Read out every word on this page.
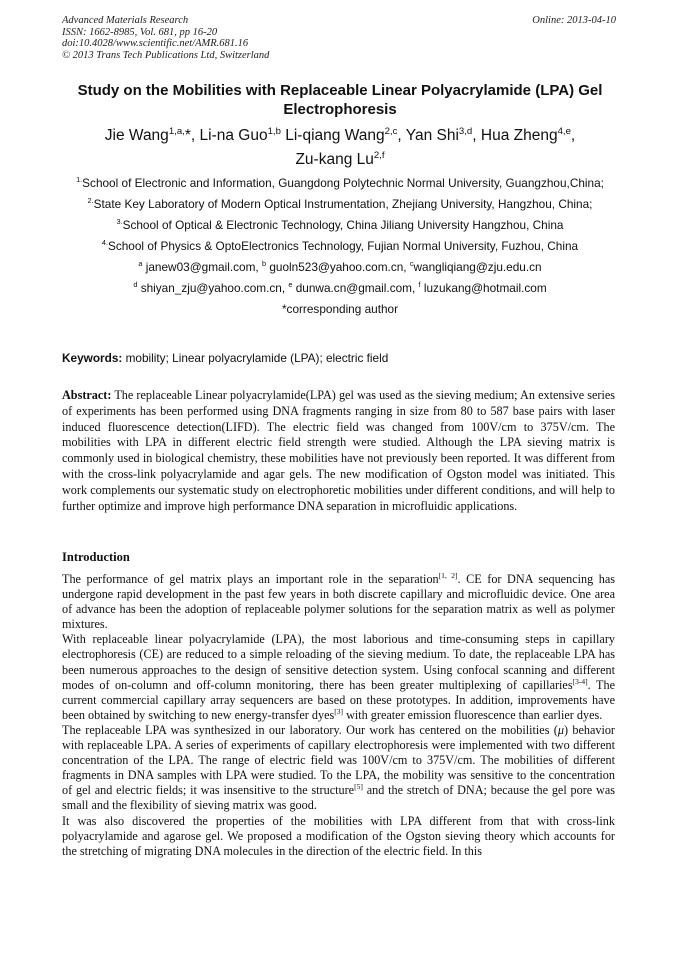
Advanced Materials Research
ISSN: 1662-8985, Vol. 681, pp 16-20
doi:10.4028/www.scientific.net/AMR.681.16
© 2013 Trans Tech Publications Ltd, Switzerland
Online: 2013-04-10
Study on the Mobilities with Replaceable Linear Polyacrylamide (LPA) Gel Electrophoresis
Jie Wang$^{1,a,}$*, Li-na Guo$^{1,b}$ Li-qiang Wang$^{2,c}$, Yan Shi$^{3,d}$, Hua Zheng$^{4,e}$,
Zu-kang Lu$^{2,f}$
$^{1.}$School of Electronic and Information, Guangdong Polytechnic Normal University, Guangzhou,China;
$^{2.}$State Key Laboratory of Modern Optical Instrumentation, Zhejiang University, Hangzhou, China;
$^{3.}$School of Optical & Electronic Technology, China Jiliang University Hangzhou, China
$^{4.}$School of Physics & OptoElectronics Technology, Fujian Normal University, Fuzhou, China
$^a$ janew03@gmail.com, $^b$ guoln523@yahoo.com.cn, $^c$wangliqiang@zju.edu.cn
$^d$ shiyan_zju@yahoo.com.cn, $^e$ dunwa.cn@gmail.com, $^f$ luzukang@hotmail.com
*corresponding author
Keywords: mobility; Linear polyacrylamide (LPA); electric field
Abstract: The replaceable Linear polyacrylamide(LPA) gel was used as the sieving medium; An extensive series of experiments has been performed using DNA fragments ranging in size from 80 to 587 base pairs with laser induced fluorescence detection(LIFD). The electric field was changed from 100V/cm to 375V/cm. The mobilities with LPA in different electric field strength were studied. Although the LPA sieving matrix is commonly used in biological chemistry, these mobilities have not previously been reported. It was different from with the cross-link polyacrylamide and agar gels. The new modification of Ogston model was initiated. This work complements our systematic study on electrophoretic mobilities under different conditions, and will help to further optimize and improve high performance DNA separation in microfluidic applications.
Introduction

The performance of gel matrix plays an important role in the separation[1, 2]. CE for DNA sequencing has undergone rapid development in the past few years in both discrete capillary and microfluidic device. One area of advance has been the adoption of replaceable polymer solutions for the separation matrix as well as polymer mixtures.

With replaceable linear polyacrylamide (LPA), the most laborious and time-consuming steps in capillary electrophoresis (CE) are reduced to a simple reloading of the sieving medium. To date, the replaceable LPA has been numerous approaches to the design of sensitive detection system. Using confocal scanning and different modes of on-column and off-column monitoring, there has been greater multiplexing of capillaries[3-4]. The current commercial capillary array sequencers are based on these prototypes. In addition, improvements have been obtained by switching to new energy-transfer dyes[3] with greater emission fluorescence than earlier dyes.

The replaceable LPA was synthesized in our laboratory. Our work has centered on the mobilities (μ) behavior with replaceable LPA. A series of experiments of capillary electrophoresis were implemented with two different concentration of the LPA. The range of electric field was 100V/cm to 375V/cm. The mobilities of different fragments in DNA samples with LPA were studied. To the LPA, the mobility was sensitive to the concentration of gel and electric fields; it was insensitive to the structure[5] and the stretch of DNA; because the gel pore was small and the flexibility of sieving matrix was good.

It was also discovered the properties of the mobilities with LPA different from that with cross-link polyacrylamide and agarose gel. We proposed a modification of the Ogston sieving theory which accounts for the stretching of migrating DNA molecules in the direction of the electric field. In this
